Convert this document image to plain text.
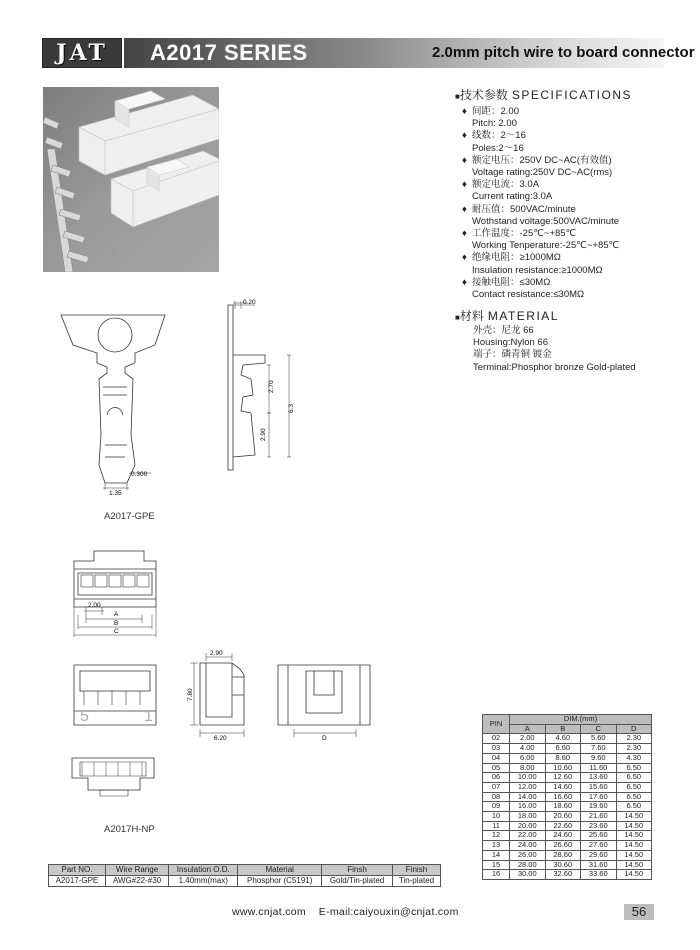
JAT	A2017 SERIES	2.0mm pitch wire to board connector
■技术参数 SPECIFICATIONS
♦ 间距：2.00
Pitch: 2.00
♦ 线数：2～16
Poles:2～16
♦ 额定电压：250V DC~AC(有效值)
Voltage rating:250V DC~AC(rms)
♦ 额定电流：3.0A
Current rating:3.0A
♦ 耐压值：500VAC/minute
Wothstand voltage:500VAC/minute
♦ 工作温度：-25℃~+85℃
Working Tenperature:-25℃~+85℃
♦ 绝缘电阻：≥1000MΩ
Insulation resistance:≥1000MΩ
♦ 接触电阻：≤30MΩ
Contact resistance:≤30MΩ
■材料 MATERIAL
外壳：尼龙 66
Housing:Nylon 66
端子：磷青铜 镀金
Terminal:Phosphor bronze Gold-plated
0.300
1.35
0.20
2.70
6.3
2.90
A2017-GPE
2.00
A
B
C
5	1
2.90
7.80
6.20	D
A2017H-NP
PIN	DIM.(mm)			
	A	B	C	D
02	2.00	4.60	5.60	2.30
03	4.00	6.60	7.60	2.30
04	6.00	8.60	9.60	4.30
05	8.00	10.60	11.60	6.50
06	10.00	12.60	13.60	6.50
07	12.00	14.60	15.60	6.50
08	14.00	16.60	17.60	6.50
09	16.00	18.60	19.60	6.50
10	18.00	20.60	21.60	14.50
11	20.00	22.60	23.60	14.50
12	22.00	24.60	25.60	14.50
13	24.00	26.60	27.60	14.50
14	26.00	28.60	29.60	14.50
15	28.00	30.60	31.60	14.50
16	30.00	32.60	33.60	14.50
Part NO.	Wire Range	Insulation O.D.	Material	Finsh	Finish
A2017-GPE	AWG#22-#30	1.40mm(max)	Phosphor (C5191)	Gold/Tin-plated	Tin-plated
www.cnjat.com    E-mail:caiyouxin@cnjat.com	56
